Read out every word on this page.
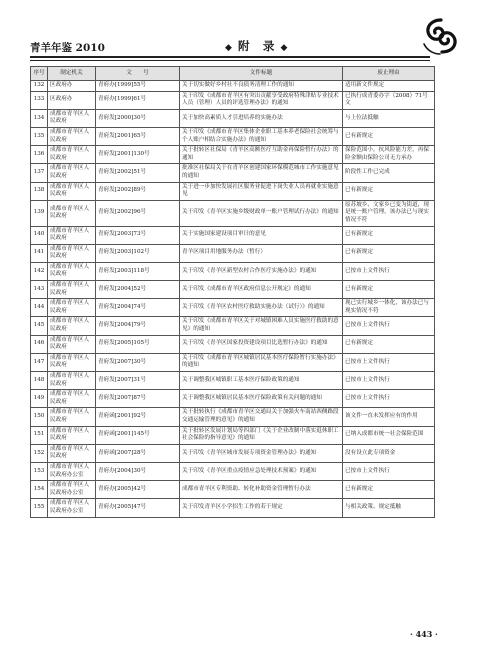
青羊年鉴 2010	◆ 附　录 ◆
序号	制定机关	文　　号	文件标题	废止理由
132	区政府办	青府办[1999]55号	关于切实做好乡村社不良债务清理工作的通知	适用新文件规定
133	区政府办	青府办[1999]61号	关于印发《成都市青羊区有突出贡献享受政府特殊津贴专业技术人员（管理）人员的评选管理办法》的通知	已执行成青委办字（2008）71号文
134	成都市青羊区人民政府	青府发[2000]30号	关于加快高素质人才引进培养的实施办法	与上位法抵触
135	成都市青羊区人民政府	青府发[2001]65号	关于印发《成都市青羊区集体企业职工基本养老保险社会统筹与个人账户相结合实施办法》的通知	已有新规定
136	成都市青羊区人民政府	青府发[2001]130号	关于批转区社保局《青羊区高额医疗互助金再保险暂行办法》的通知	保险范围小，抗风险能力差，再保险金额由保险公司无力承办
137	成都市青羊区人民政府	青府发[2002]51号	批准区社保局关于在青羊区创建国家环保模范城市工作实施意见的通知	阶段性工作已完成
138	成都市青羊区人民政府	青府发[2002]89号	关于进一步加快发展社区服务业促进下岗失业人员再就业实施意见	已有新规定
139	成都市青羊区人民政府	青府发[2002]96号	关于印发《青羊区实施乡级财政单一账户管理试行办法》的通知	原苏坡乡、文家乡已变为街道，现是统一账户管理，该办法已与现实情况不符
140	成都市青羊区人民政府	青府发[2003]73号	关于实施国家建设项目审计的意见	已有新规定
141	成都市青羊区人民政府	青府发[2003]102号	青羊区项目用地服务办法（暂行）	已有新规定
142	成都市青羊区人民政府	青府发[2003]118号	关于印发《青羊区新型农村合作医疗实施办法》的通知	已按市上文件执行
143	成都市青羊区人民政府	青府发[2004]52号	关于印发《成都市青羊区政府信息公开规定》的通知	已有新规定
144	成都市青羊区人民政府	青府发[2004]74号	关于印发《青羊区农村医疗救助实施办法（试行）》的通知	现已实行城乡一体化，该办法已与现实情况不符
145	成都市青羊区人民政府	青府发[2004]79号	关于印发《成都市青羊区关于对城镇困难人员实施医疗救助的意见》的通知	已按市上文件执行
146	成都市青羊区人民政府	青府发[2005]105号	关于印发《青羊区国家投资建设项目比选暂行办法》的通知	已有新规定
147	成都市青羊区人民政府	青府发[2007]30号	关于印发《成都市青羊区城镇居民基本医疗保险暂行实施办法》的通知	已按市上文件执行
148	成都市青羊区人民政府	青府发[2007]31号	关于调整我区城镇职工基本医疗保险政策的通知	已按市上文件执行
149	成都市青羊区人民政府	青府发[2007]87号	关于调整我区城镇居民基本医疗保险政策有关问题的通知	已按市上文件执行
150	成都市青羊区人民政府	青府函[2001]92号	关于批转执行《成都市青羊区交通局关于加强火车南站西侧路段交通运输管理的意见》的通知	该文件一直未发挥应有的作用
151	成都市青羊区人民政府	青府函[2001]145号	关于批转区发展计划局等四部门《关于企业改制中落实退休职工社会保险的指导意见》的通知	已纳入成都市统一社会保险范围
152	成都市青羊区人民政府	青府函[2007]28号	关于印发《青羊区城市发展专项资金管理办法》的通知	没有设立此专项资金
153	成都市青羊区人民政府办公室	青府办[2004]30号	关于印发《青羊区重点疫情应急处理技术预案》的通知	已按市上文件执行
154	成都市青羊区人民政府办公室	青府办[2005]42号	成都市青羊区专利资助、转化补助资金管理暂行办法	已有新规定
155	成都市青羊区人民政府办公室	青府办[2005]47号	关于印发青羊区小学招生工作的若干规定	与相关政策、规定抵触
· 443 ·
